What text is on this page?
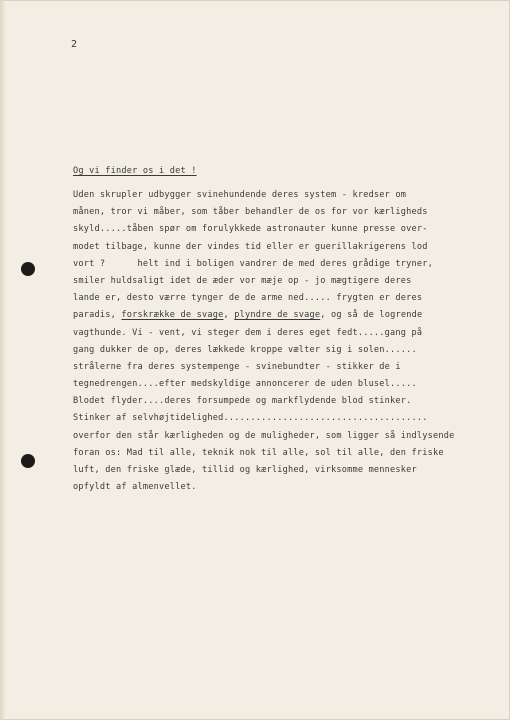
2
Og vi finder os i det !
Uden skrupler udbygger svinehundende deres system - kredser om
månen, tror vi måber, som tåber behandler de os for vor kærligheds
skyld.....tåben spør om forulykkede astronauter kunne presse over-
modet tilbage, kunne der vindes tid eller er guerillakrigerens lod
vort ?      helt ind i boligen vandrer de med deres grådige tryner,
smiler huldsaligt idet de æder vor mæje op - jo mægtigere deres
lande er, desto værre tynger de de arme ned..... frygten er deres
paradis, forskrække de svage, plyndre de svage, og så de logrende
vagthunde. Vi - vent, vi steger dem i deres eget fedt.....gang på
gang dukker de op, deres lækkede kroppe vælter sig i solen......
strålerne fra deres systempenge - svinebundter - stikker de i
tegnedrengen....efter medskyldige annoncerer de uden blusel.....
Blodet flyder....deres forsumpede og markflydende blod stinker.
Stinker af selvhøjtidelighed......................................
overfor den står kærligheden og de muligheder, som ligger så indlysende
foran os: Mad til alle, teknik nok til alle, sol til alle, den friske
luft, den friske glæde, tillid og kærlighed, virksomme mennesker
opfyldt af almenvellet.
